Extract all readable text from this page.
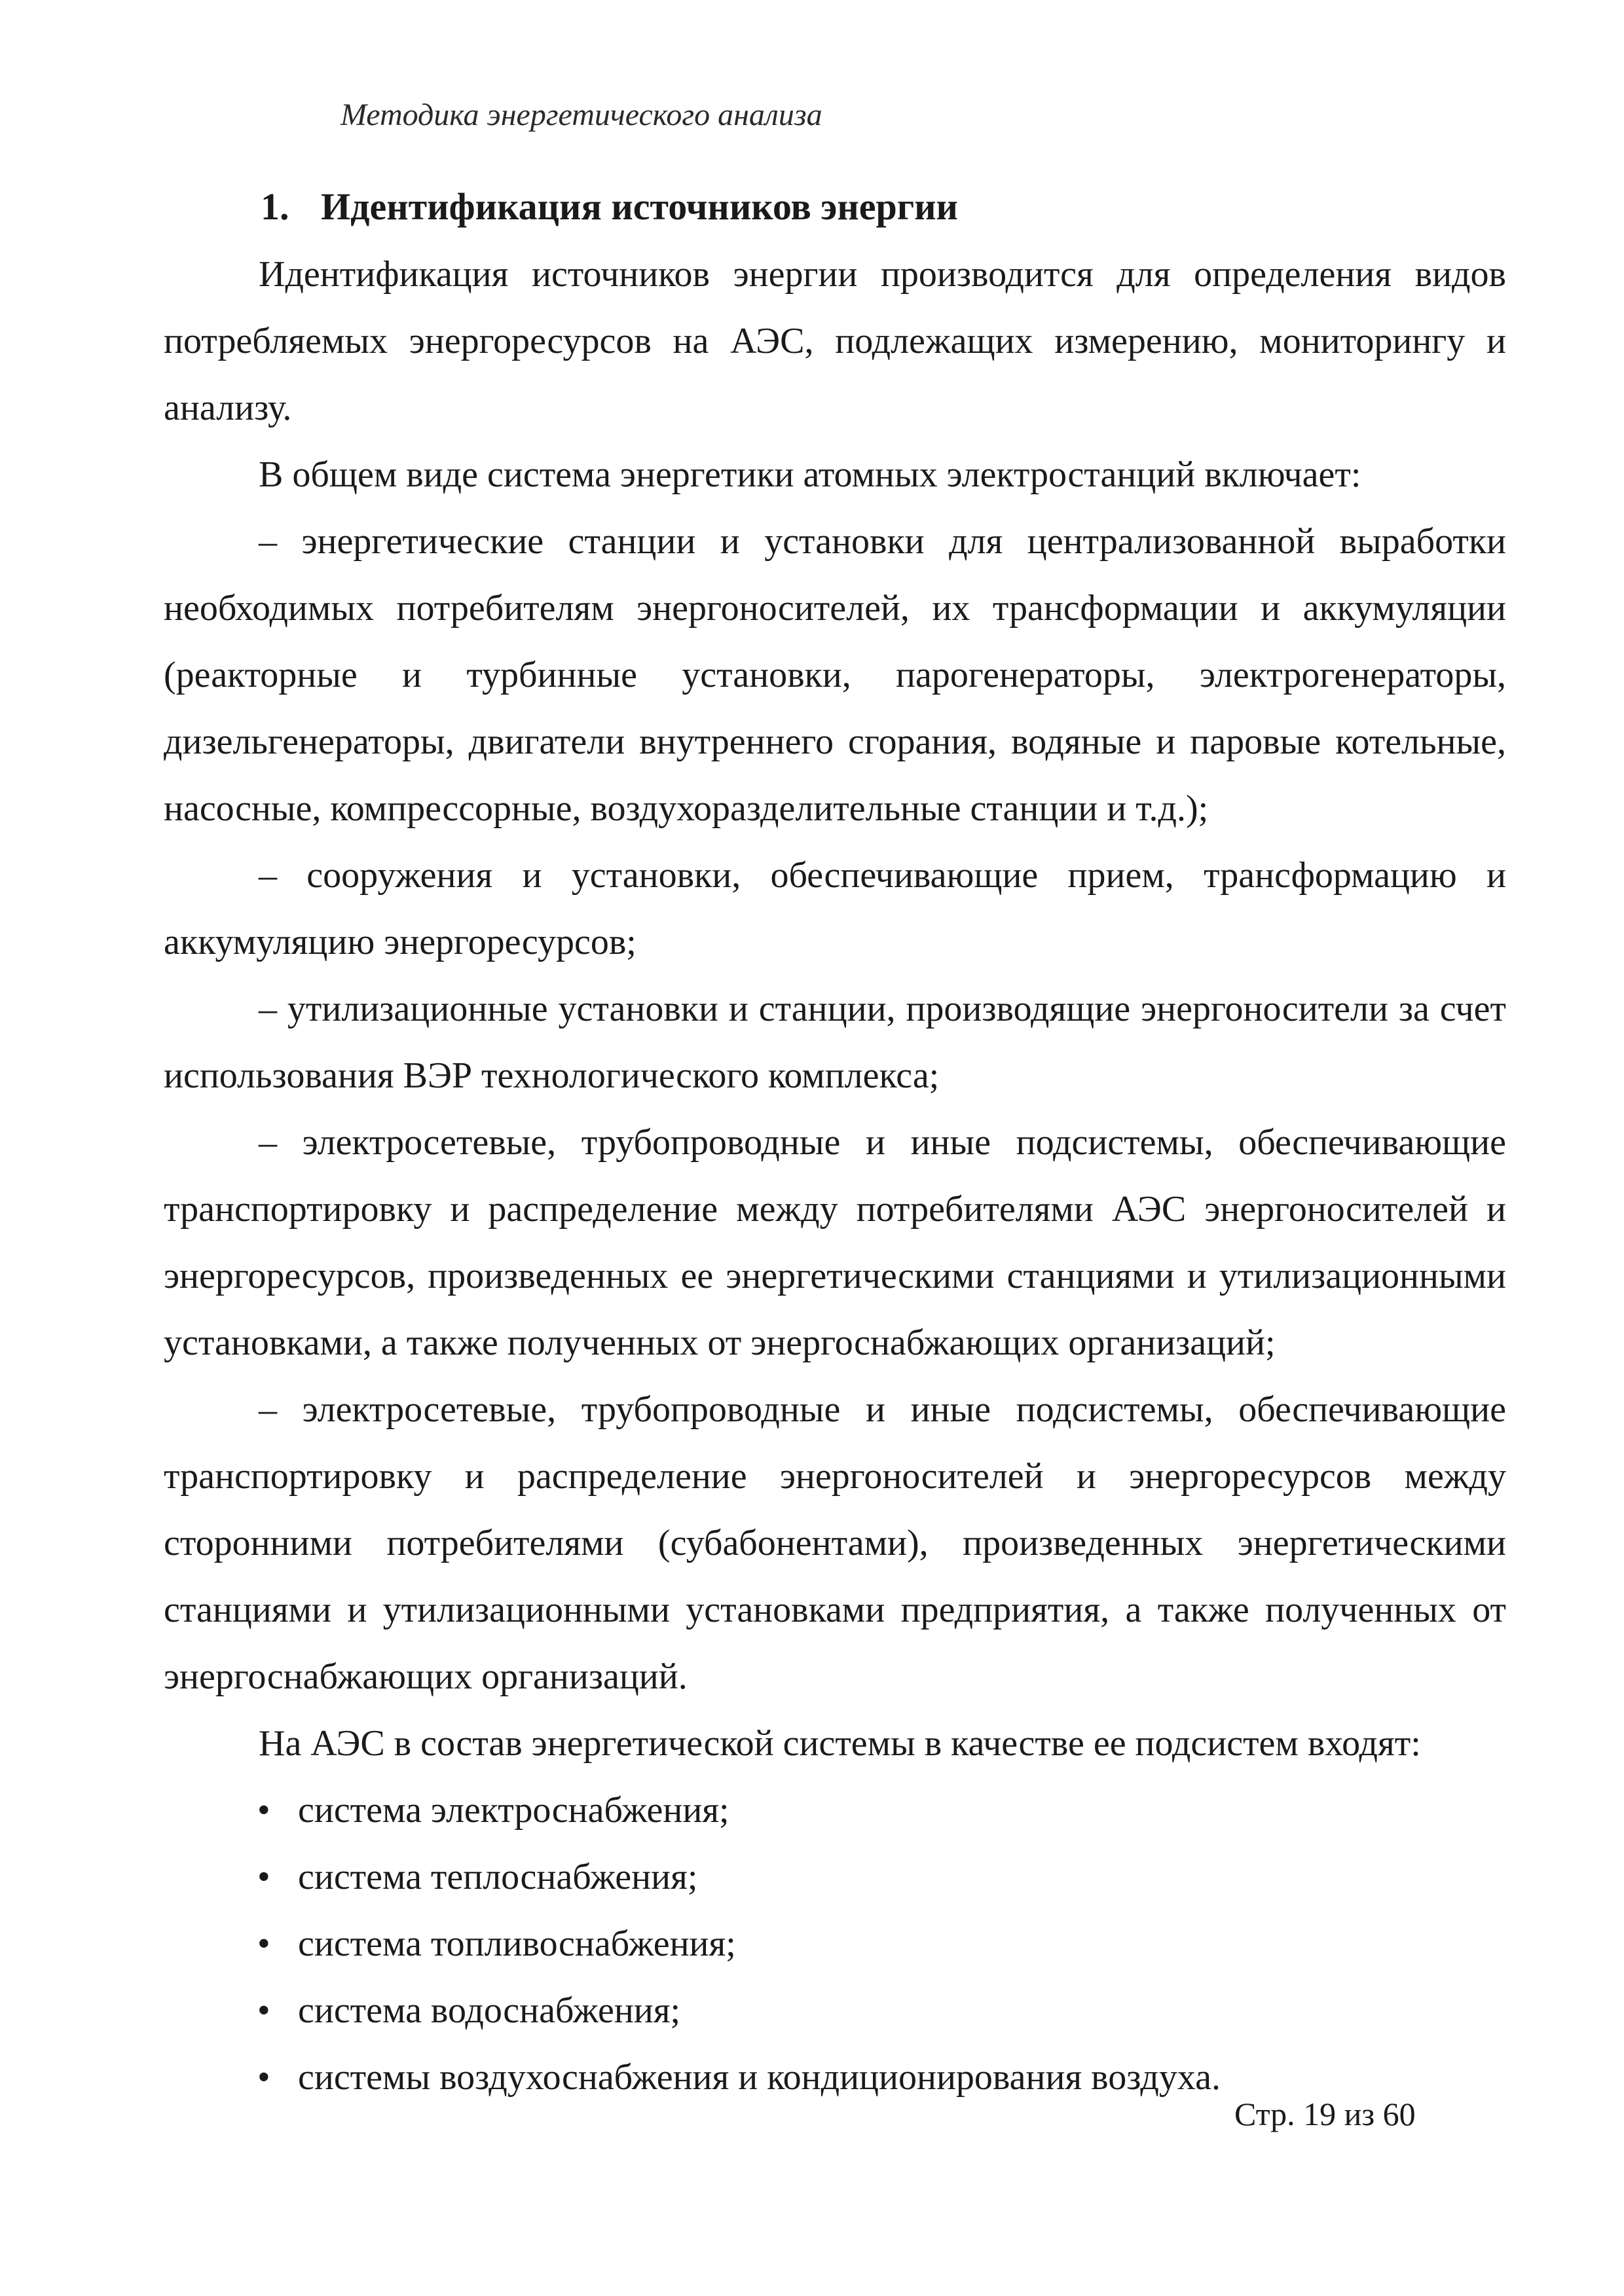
Методика энергетического анализа
1. Идентификация источников энергии

Идентификация источников энергии производится для определения видов потребляемых энергоресурсов на АЭС, подлежащих измерению, мониторингу и анализу.

В общем виде система энергетики атомных электростанций включает:

– энергетические станции и установки для централизованной выработки необходимых потребителям энергоносителей, их трансформации и аккумуляции (реакторные и турбинные установки, парогенераторы, электрогенераторы, дизельгенераторы, двигатели внутреннего сгорания, водяные и паровые котельные, насосные, компрессорные, воздухоразделительные станции и т.д.);

– сооружения и установки, обеспечивающие прием, трансформацию и аккумуляцию энергоресурсов;

– утилизационные установки и станции, производящие энергоносители за счет использования ВЭР технологического комплекса;

– электросетевые, трубопроводные и иные подсистемы, обеспечивающие транспортировку и распределение между потребителями АЭС энергоносителей и энергоресурсов, произведенных ее энергетическими станциями и утилизационными установками, а также полученных от энергоснабжающих организаций;

– электросетевые, трубопроводные и иные подсистемы, обеспечивающие транспортировку и распределение энергоносителей и энергоресурсов между сторонними потребителями (субабонентами), произведенных энергетическими станциями и утилизационными установками предприятия, а также полученных от энергоснабжающих организаций.

На АЭС в состав энергетической системы в качестве ее подсистем входят:

• система электроснабжения;
• система теплоснабжения;
• система топливоснабжения;
• система водоснабжения;
• системы воздухоснабжения и кондиционирования воздуха.
Стр. 19 из 60
